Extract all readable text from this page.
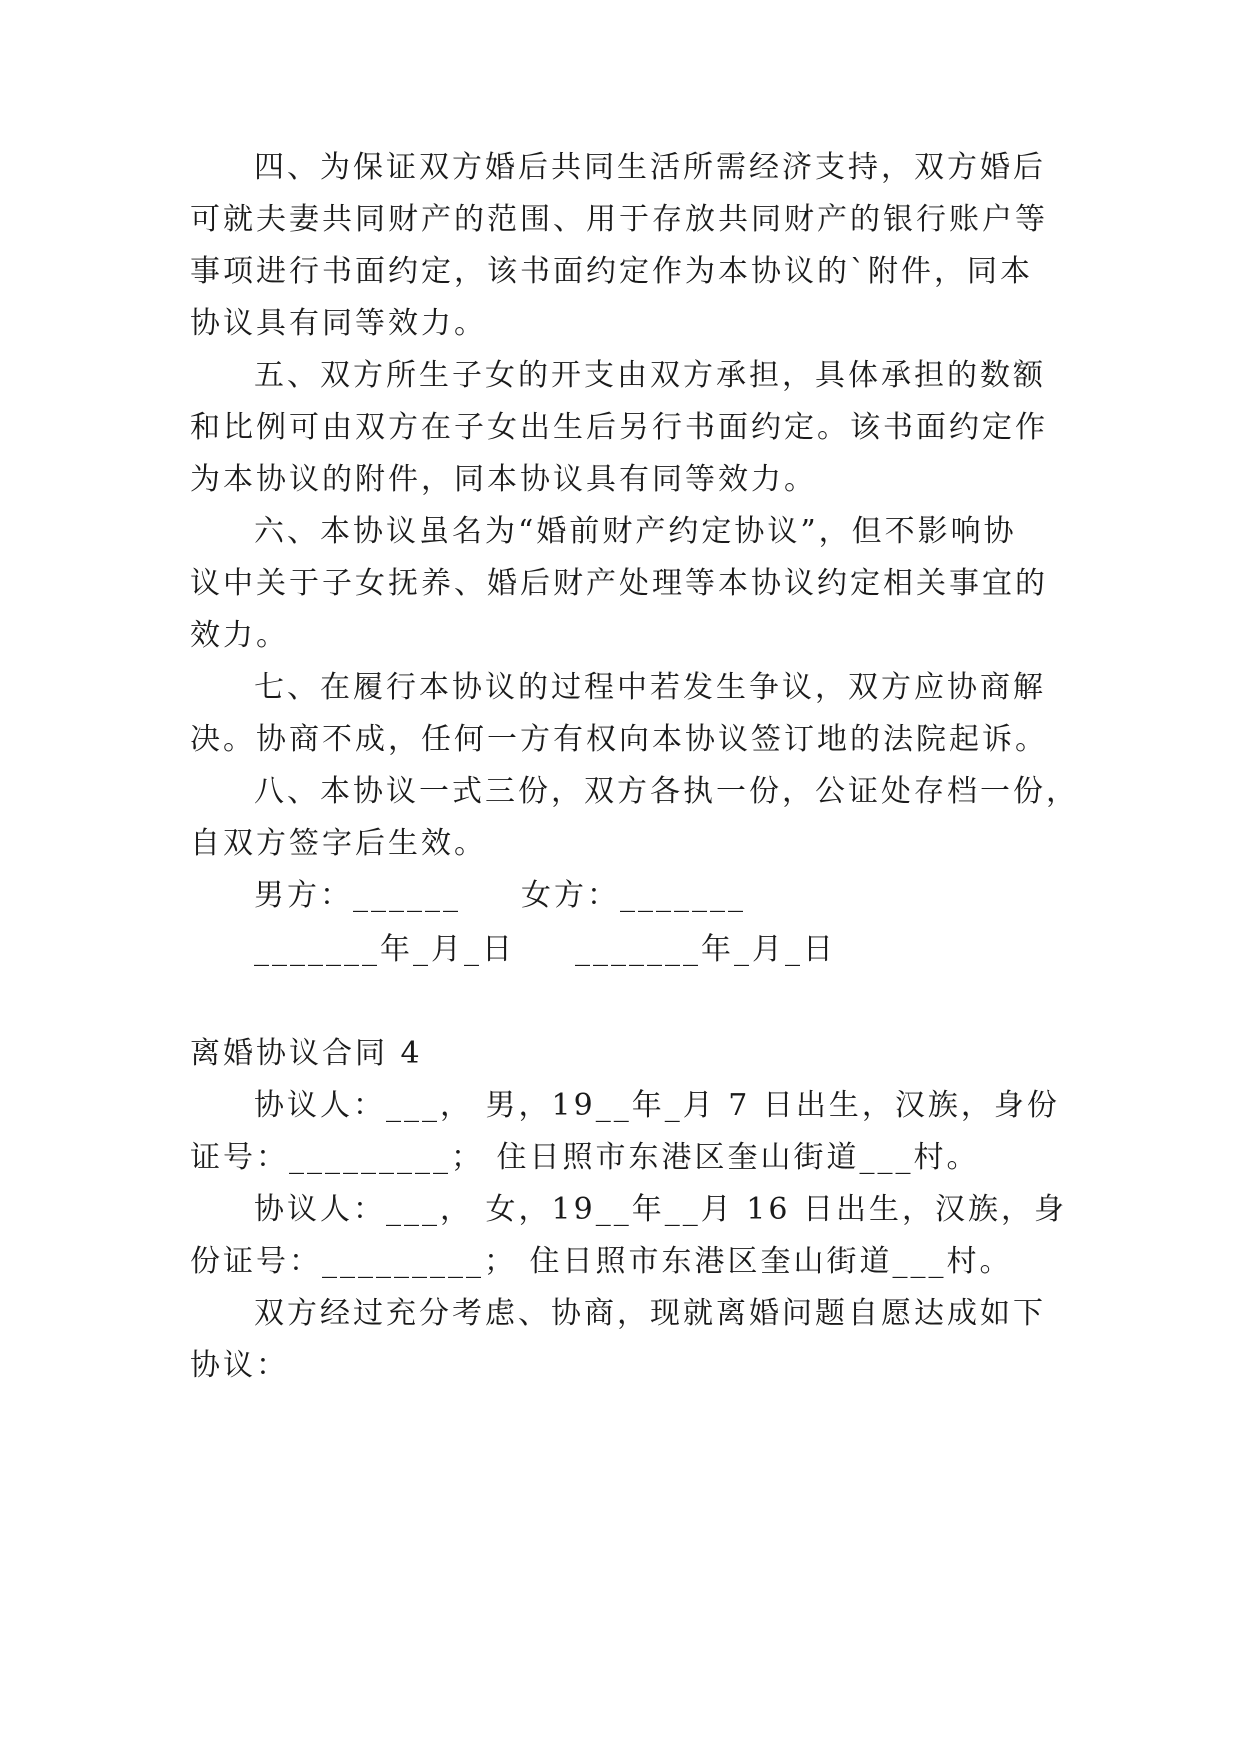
四、为保证双方婚后共同生活所需经济支持，双方婚后
可就夫妻共同财产的范围、用于存放共同财产的银行账户等
事项进行书面约定，该书面约定作为本协议的`附件，同本
协议具有同等效力。
五、双方所生子女的开支由双方承担，具体承担的数额
和比例可由双方在子女出生后另行书面约定。该书面约定作
为本协议的附件，同本协议具有同等效力。
六、本协议虽名为“婚前财产约定协议”，但不影响协
议中关于子女抚养、婚后财产处理等本协议约定相关事宜的
效力。
七、在履行本协议的过程中若发生争议，双方应协商解
决。协商不成，任何一方有权向本协议签订地的法院起诉。
八、本协议一式三份，双方各执一份，公证处存档一份，
自双方签字后生效。
男方：______ 女方：_______
_______年_月_日 _______年_月_日
离婚协议合同 4
协议人：___， 男，19__年_月 7 日出生，汉族，身份
证号：_________； 住日照市东港区奎山街道___村。
协议人：___， 女，19__年__月 16 日出生，汉族，身
份证号：_________； 住日照市东港区奎山街道___村。
双方经过充分考虑、协商，现就离婚问题自愿达成如下
协议：
